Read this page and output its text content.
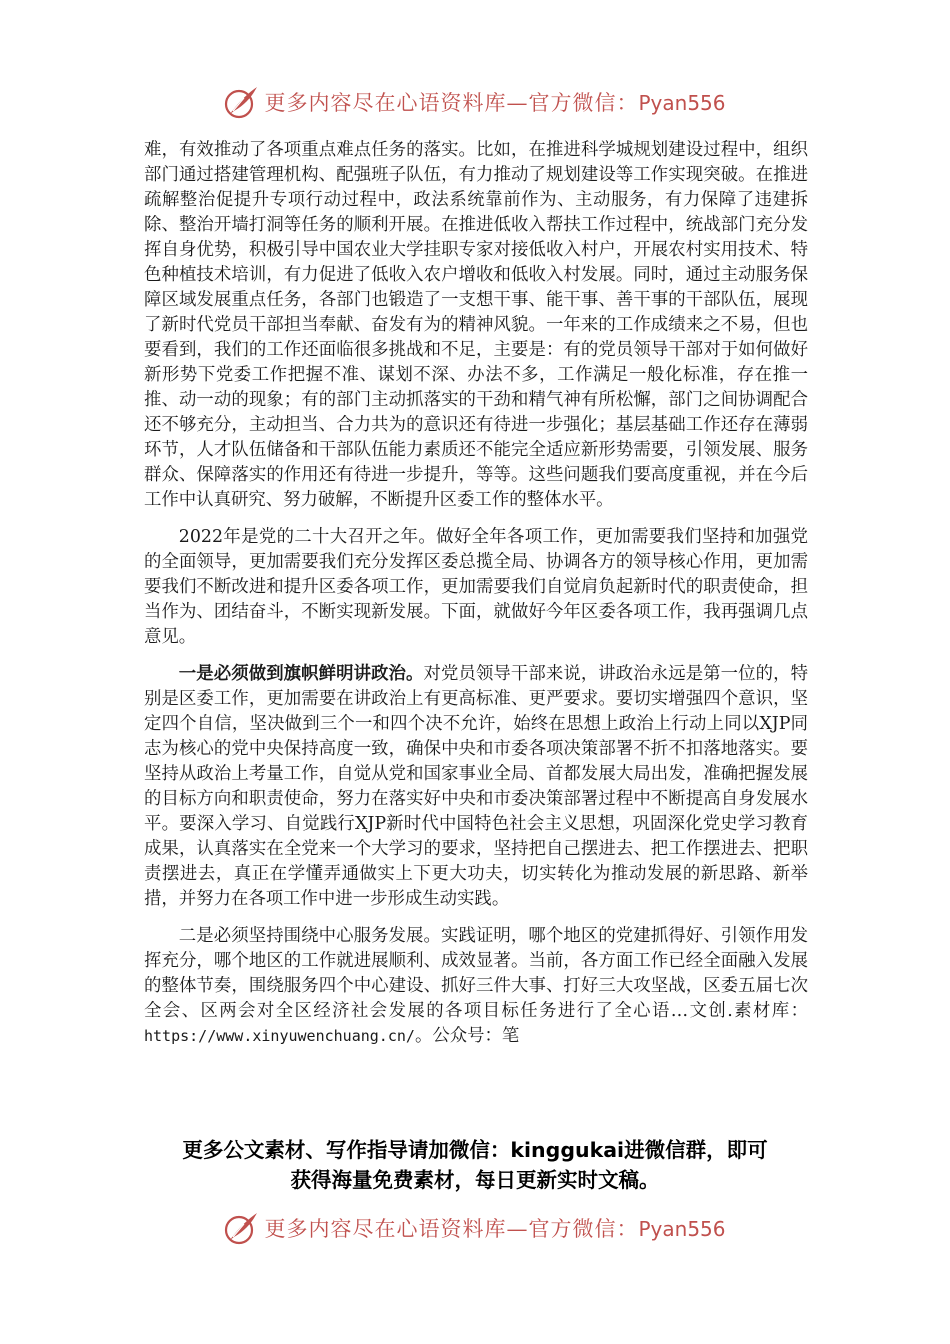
更多内容尽在心语资料库—官方微信：Pyan556

难，有效推动了各项重点难点任务的落实。比如，在推进科学城规划建设过程中，组织部门通过搭建管理机构、配强班子队伍，有力推动了规划建设等工作实现突破。在推进疏解整治促提升专项行动过程中，政法系统靠前作为、主动服务，有力保障了违建拆除、整治开墙打洞等任务的顺利开展。在推进低收入帮扶工作过程中，统战部门充分发挥自身优势，积极引导中国农业大学挂职专家对接低收入村户，开展农村实用技术、特色种植技术培训，有力促进了低收入农户增收和低收入村发展。同时，通过主动服务保障区域发展重点任务，各部门也锻造了一支想干事、能干事、善干事的干部队伍，展现了新时代党员干部担当奉献、奋发有为的精神风貌。一年来的工作成绩来之不易，但也要看到，我们的工作还面临很多挑战和不足，主要是：有的党员领导干部对于如何做好新形势下党委工作把握不准、谋划不深、办法不多，工作满足一般化标准，存在推一推、动一动的现象；有的部门主动抓落实的干劲和精气神有所松懈，部门之间协调配合还不够充分，主动担当、合力共为的意识还有待进一步强化；基层基础工作还存在薄弱环节，人才队伍储备和干部队伍能力素质还不能完全适应新形势需要，引领发展、服务群众、保障落实的作用还有待进一步提升，等等。这些问题我们要高度重视，并在今后工作中认真研究、努力破解，不断提升区委工作的整体水平。

2022年是党的二十大召开之年。做好全年各项工作，更加需要我们坚持和加强党的全面领导，更加需要我们充分发挥区委总揽全局、协调各方的领导核心作用，更加需要我们不断改进和提升区委各项工作，更加需要我们自觉肩负起新时代的职责使命，担当作为、团结奋斗，不断实现新发展。下面，就做好今年区委各项工作，我再强调几点意见。

一是必须做到旗帜鲜明讲政治。对党员领导干部来说，讲政治永远是第一位的，特别是区委工作，更加需要在讲政治上有更高标准、更严要求。要切实增强四个意识，坚定四个自信，坚决做到三个一和四个决不允许，始终在思想上政治上行动上同以XJP同志为核心的党中央保持高度一致，确保中央和市委各项决策部署不折不扣落地落实。要坚持从政治上考量工作，自觉从党和国家事业全局、首都发展大局出发，准确把握发展的目标方向和职责使命，努力在落实好中央和市委决策部署过程中不断提高自身发展水平。要深入学习、自觉践行XJP新时代中国特色社会主义思想，巩固深化党史学习教育成果，认真落实在全党来一个大学习的要求，坚持把自己摆进去、把工作摆进去、把职责摆进去，真正在学懂弄通做实上下更大功夫，切实转化为推动发展的新思路、新举措，并努力在各项工作中进一步形成生动实践。

二是必须坚持围绕中心服务发展。实践证明，哪个地区的党建抓得好、引领作用发挥充分，哪个地区的工作就进展顺利、成效显著。当前，各方面工作已经全面融入发展的整体节奏，围绕服务四个中心建设、抓好三件大事、打好三大攻坚战，区委五届七次全会、区两会对全区经济社会发展的各项目标任务进行了全心语…文创.素材库：https://www.xinyuwenchuang.cn/。公众号：笔

更多公文素材、写作指导请加微信：kinggukai进微信群，即可
获得海量免费素材，每日更新实时文稿。
更多内容尽在心语资料库—官方微信：Pyan556
